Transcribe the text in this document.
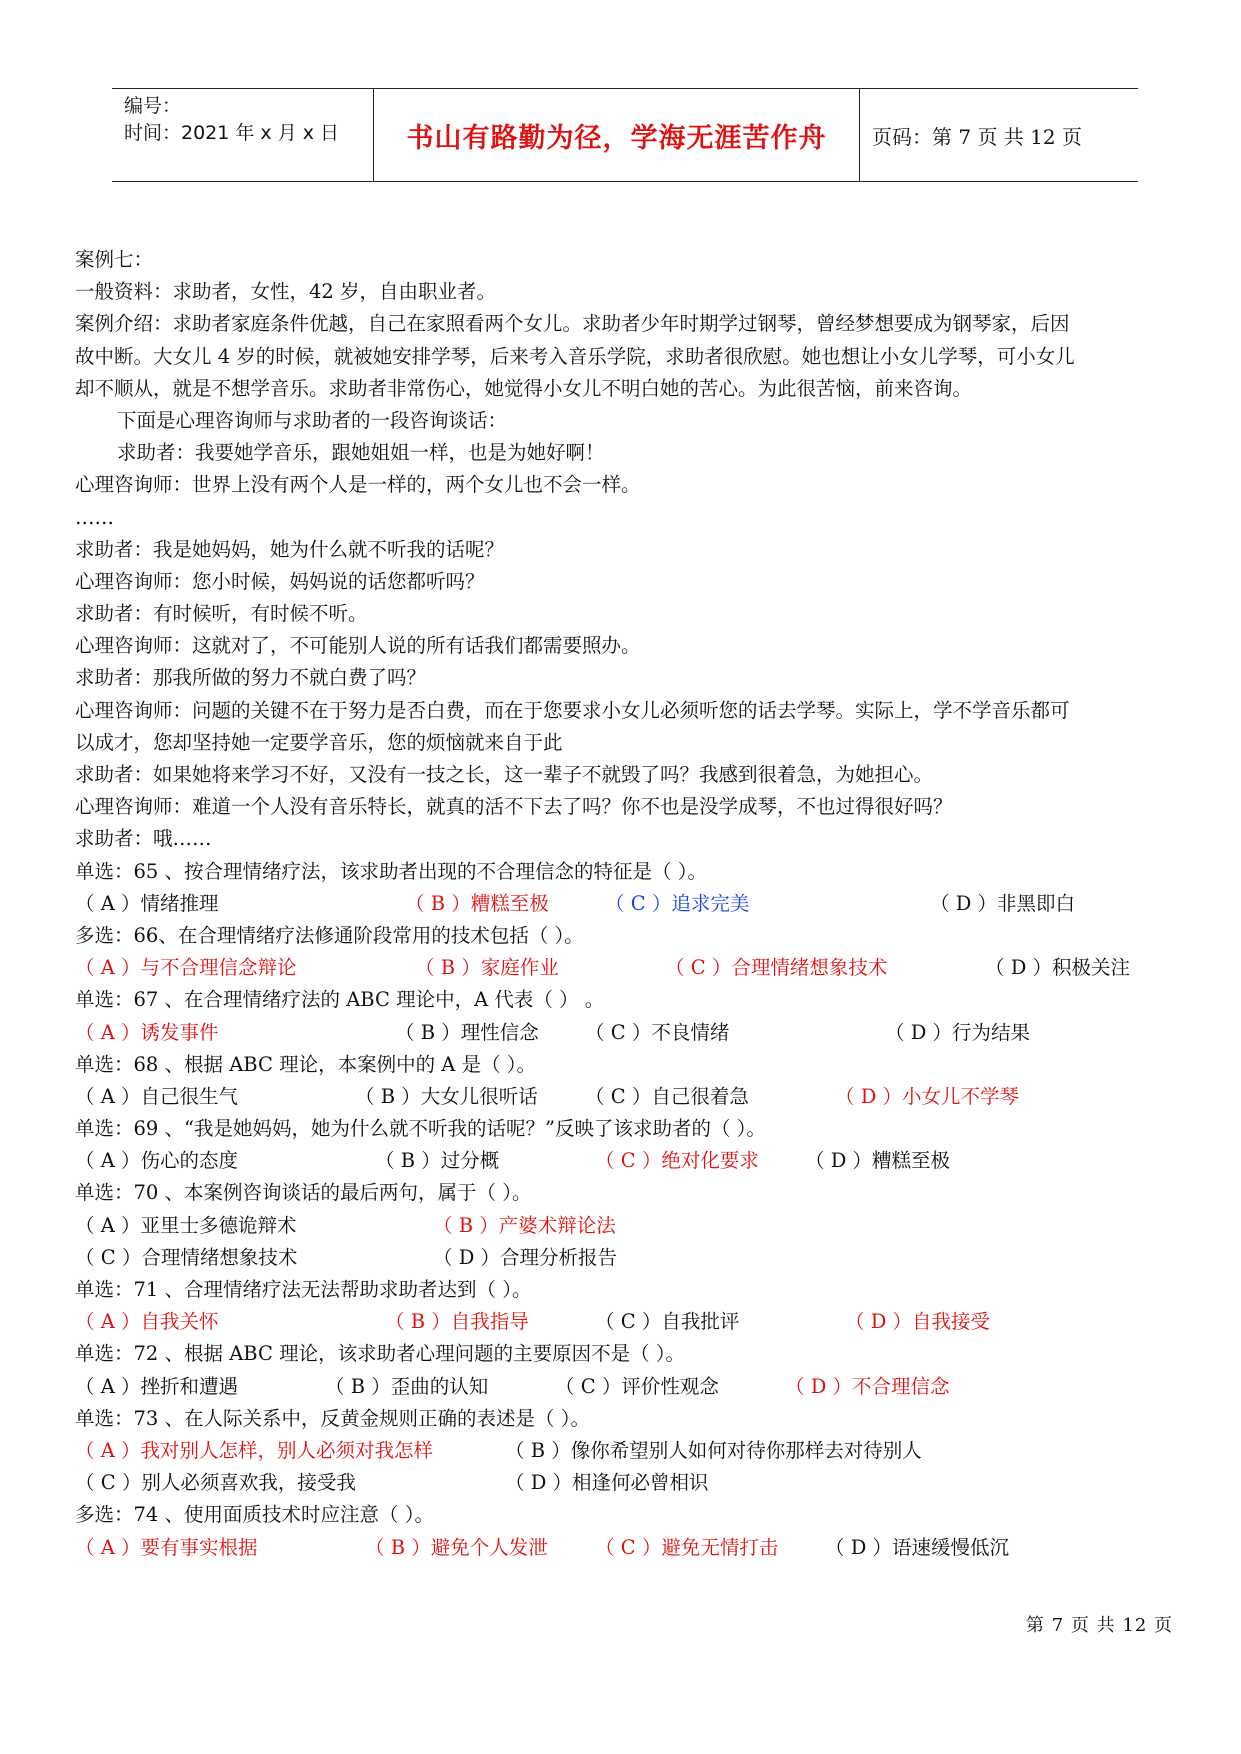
编号：
时间：2021 年 x 月 x 日	书山有路勤为径，学海无涯苦作舟	页码：第 7 页 共 12 页
案例七：
一般资料：求助者，女性，42 岁，自由职业者。
案例介绍：求助者家庭条件优越，自己在家照看两个女儿。求助者少年时期学过钢琴，曾经梦想要成为钢琴家，后因
故中断。大女儿 4 岁的时候，就被她安排学琴，后来考入音乐学院，求助者很欣慰。她也想让小女儿学琴，可小女儿
却不顺从，就是不想学音乐。求助者非常伤心，她觉得小女儿不明白她的苦心。为此很苦恼，前来咨询。
下面是心理咨询师与求助者的一段咨询谈话：
求助者：我要她学音乐，跟她姐姐一样，也是为她好啊！
心理咨询师：世界上没有两个人是一样的，两个女儿也不会一样。
……
求助者：我是她妈妈，她为什么就不听我的话呢？
心理咨询师：您小时候，妈妈说的话您都听吗？
求助者：有时候听，有时候不听。
心理咨询师：这就对了，不可能别人说的所有话我们都需要照办。
求助者：那我所做的努力不就白费了吗？
心理咨询师：问题的关键不在于努力是否白费，而在于您要求小女儿必须听您的话去学琴。实际上，学不学音乐都可
以成才，您却坚持她一定要学音乐，您的烦恼就来自于此
求助者：如果她将来学习不好，又没有一技之长，这一辈子不就毁了吗？我感到很着急，为她担心。
心理咨询师：难道一个人没有音乐特长，就真的活不下去了吗？你不也是没学成琴，不也过得很好吗？
求助者：哦……
单选：65 、按合理情绪疗法，该求助者出现的不合理信念的特征是（ ）。
（ A ）情绪推理	（ B ）糟糕至极	（ C ）追求完美	（ D ）非黑即白
多选：66、在合理情绪疗法修通阶段常用的技术包括（ ）。
（ A ）与不合理信念辩论	（ B ）家庭作业	（ C ）合理情绪想象技术	（ D ）积极关注
单选：67 、在合理情绪疗法的 ABC 理论中，A 代表（ ） 。
（ A ）诱发事件	（ B ）理性信念 （ C ）不良情绪	（ D ）行为结果
单选：68 、根据 ABC 理论，本案例中的 A 是（ ）。
（ A ）自己很生气	（ B ）大女儿很听话 （ C ）自己很着急	（ D ）小女儿不学琴
单选：69 、“我是她妈妈，她为什么就不听我的话呢？”反映了该求助者的（ ）。
（ A ）伤心的态度	（ B ）过分概	（ C ）绝对化要求 （ D ）糟糕至极
单选：70 、本案例咨询谈话的最后两句，属于（ ）。
（ A ）亚里士多德诡辩术	（ B ）产婆术辩论法
（ C ）合理情绪想象技术	（ D ）合理分析报告
单选：71 、合理情绪疗法无法帮助求助者达到（ ）。
（ A ）自我关怀	（ B ）自我指导	（ C ）自我批评	（ D ）自我接受
单选：72 、根据 ABC 理论，该求助者心理问题的主要原因不是（ ）。
（ A ）挫折和遭遇	（ B ）歪曲的认知	（ C ）评价性观念	（ D ）不合理信念
单选：73 、在人际关系中，反黄金规则正确的表述是（ ）。
（ A ）我对别人怎样，别人必须对我怎样	（ B ）像你希望别人如何对待你那样去对待别人
（ C ）别人必须喜欢我，接受我	（ D ）相逢何必曾相识
多选：74 、使用面质技术时应注意（ ）。
（ A ）要有事实根据	（ B ）避免个人发泄 （ C ）避免无情打击 （ D ）语速缓慢低沉
第 7 页 共 12 页
